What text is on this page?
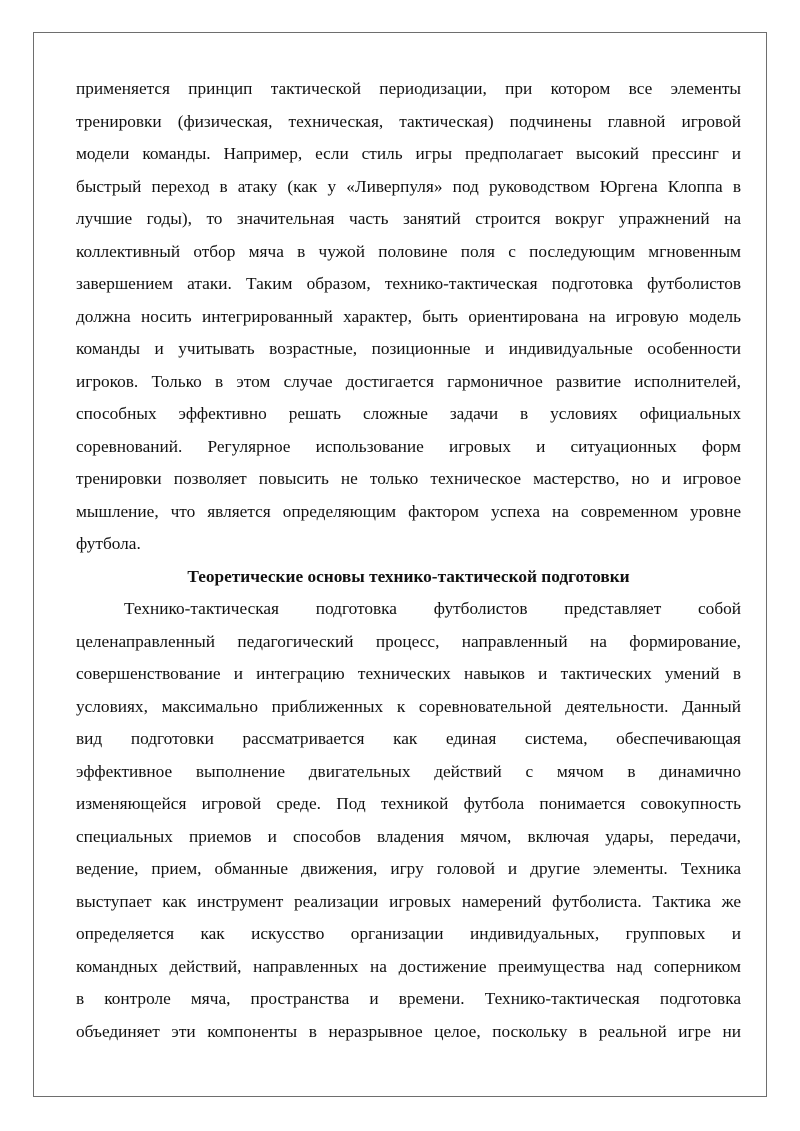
применяется принцип тактической периодизации, при котором все элементы
тренировки (физическая, техническая, тактическая) подчинены главной игровой
модели команды. Например, если стиль игры предполагает высокий прессинг и
быстрый переход в атаку (как у «Ливерпуля» под руководством Юргена Клоппа в
лучшие годы), то значительная часть занятий строится вокруг упражнений на
коллективный отбор мяча в чужой половине поля с последующим мгновенным
завершением атаки. Таким образом, технико-тактическая подготовка футболистов
должна носить интегрированный характер, быть ориентирована на игровую модель
команды и учитывать возрастные, позиционные и индивидуальные особенности
игроков. Только в этом случае достигается гармоничное развитие исполнителей,
способных эффективно решать сложные задачи в условиях официальных
соревнований. Регулярное использование игровых и ситуационных форм
тренировки позволяет повысить не только техническое мастерство, но и игровое
мышление, что является определяющим фактором успеха на современном уровне
футбола.
Теоретические основы технико-тактической подготовки
Технико-тактическая подготовка футболистов представляет собой
целенаправленный педагогический процесс, направленный на формирование,
совершенствование и интеграцию технических навыков и тактических умений в
условиях, максимально приближенных к соревновательной деятельности. Данный
вид подготовки рассматривается как единая система, обеспечивающая
эффективное выполнение двигательных действий с мячом в динамично
изменяющейся игровой среде. Под техникой футбола понимается совокупность
специальных приемов и способов владения мячом, включая удары, передачи,
ведение, прием, обманные движения, игру головой и другие элементы. Техника
выступает как инструмент реализации игровых намерений футболиста. Тактика же
определяется как искусство организации индивидуальных, групповых и
командных действий, направленных на достижение преимущества над соперником
в контроле мяча, пространства и времени. Технико-тактическая подготовка
объединяет эти компоненты в неразрывное целое, поскольку в реальной игре ни
